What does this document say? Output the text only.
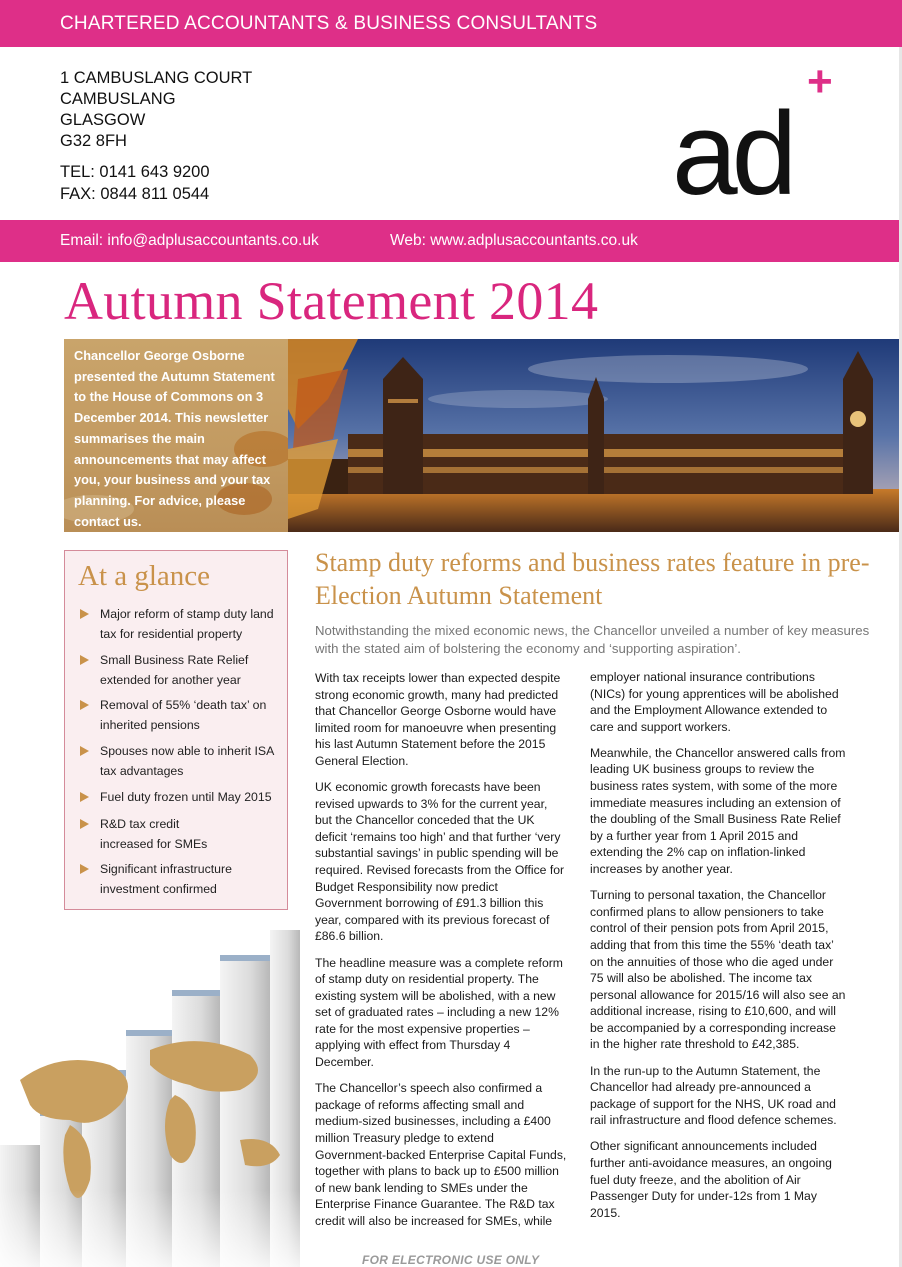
CHARTERED ACCOUNTANTS & BUSINESS CONSULTANTS
1 CAMBUSLANG COURT
CAMBUSLANG
GLASGOW
G32 8FH
TEL: 0141 643 9200
FAX: 0844 811 0544	ad
+
Email: info@adplusaccountants.co.uk	Web: www.adplusaccountants.co.uk
Autumn Statement 2014
Chancellor George Osborne presented the Autumn Statement to the House of Commons on 3 December 2014. This newsletter summarises the main announcements that may affect you, your business and your tax planning. For advice, please contact us.
At a glance
Major reform of stamp duty land tax for residential property
Small Business Rate Relief extended for another year
Removal of 55% ‘death tax’ on inherited pensions
Spouses now able to inherit ISA tax advantages
Fuel duty frozen until May 2015
R&D tax credit increased for SMEs
Significant infrastructure investment confirmed
Stamp duty reforms and business rates feature in pre-Election Autumn Statement
Notwithstanding the mixed economic news, the Chancellor unveiled a number of key measures with the stated aim of bolstering the economy and ‘supporting aspiration’.

With tax receipts lower than expected despite strong economic growth, many had predicted that Chancellor George Osborne would have limited room for manoeuvre when presenting his last Autumn Statement before the 2015 General Election.

UK economic growth forecasts have been revised upwards to 3% for the current year, but the Chancellor conceded that the UK deficit ‘remains too high’ and that further ‘very substantial savings’ in public spending will be required. Revised forecasts from the Office for Budget Responsibility now predict Government borrowing of £91.3 billion this year, compared with its previous forecast of £86.6 billion.

The headline measure was a complete reform of stamp duty on residential property. The existing system will be abolished, with a new set of graduated rates – including a new 12% rate for the most expensive properties – applying with effect from Thursday 4 December.

The Chancellor’s speech also confirmed a package of reforms affecting small and medium-sized businesses, including a £400 million Treasury pledge to extend Government-backed Enterprise Capital Funds, together with plans to back up to £500 million of new bank lending to SMEs under the Enterprise Finance Guarantee. The R&D tax credit will also be increased for SMEs, while

employer national insurance contributions (NICs) for young apprentices will be abolished and the Employment Allowance extended to care and support workers.

Meanwhile, the Chancellor answered calls from leading UK business groups to review the business rates system, with some of the more immediate measures including an extension of the doubling of the Small Business Rate Relief by a further year from 1 April 2015 and extending the 2% cap on inflation-linked increases by another year.

Turning to personal taxation, the Chancellor confirmed plans to allow pensioners to take control of their pension pots from April 2015, adding that from this time the 55% ‘death tax’ on the annuities of those who die aged under 75 will also be abolished. The income tax personal allowance for 2015/16 will also see an additional increase, rising to £10,600, and will be accompanied by a corresponding increase in the higher rate threshold to £42,385.

In the run-up to the Autumn Statement, the Chancellor had already pre-announced a package of support for the NHS, UK road and rail infrastructure and flood defence schemes.

Other significant announcements included further anti-avoidance measures, an ongoing fuel duty freeze, and the abolition of Air Passenger Duty for under-12s from 1 May 2015.

FOR ELECTRONIC USE ONLY
